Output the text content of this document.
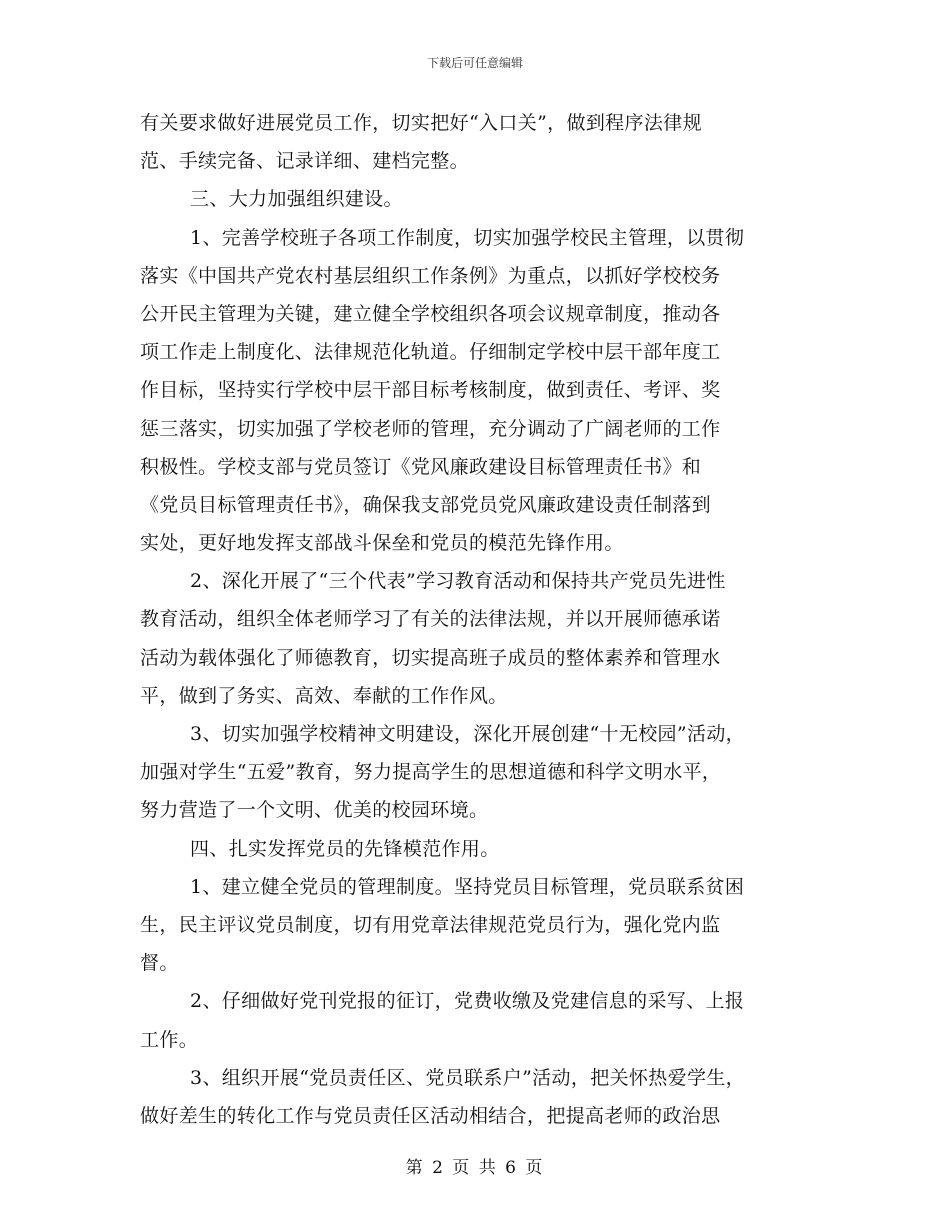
下载后可任意编辑
有关要求做好进展党员工作，切实把好“入口关”，做到程序法律规
范、手续完备、记录详细、建档完整。
三、大力加强组织建设。
1、完善学校班子各项工作制度，切实加强学校民主管理，以贯彻
落实《中国共产党农村基层组织工作条例》为重点，以抓好学校校务
公开民主管理为关键，建立健全学校组织各项会议规章制度，推动各
项工作走上制度化、法律规范化轨道。仔细制定学校中层干部年度工
作目标，坚持实行学校中层干部目标考核制度，做到责任、考评、奖
惩三落实，切实加强了学校老师的管理，充分调动了广阔老师的工作
积极性。学校支部与党员签订《党风廉政建设目标管理责任书》和
《党员目标管理责任书》，确保我支部党员党风廉政建设责任制落到
实处，更好地发挥支部战斗保垒和党员的模范先锋作用。
2、深化开展了“三个代表”学习教育活动和保持共产党员先进性
教育活动，组织全体老师学习了有关的法律法规，并以开展师德承诺
活动为载体强化了师德教育，切实提高班子成员的整体素养和管理水
平，做到了务实、高效、奉献的工作作风。
3、切实加强学校精神文明建设，深化开展创建“十无校园”活动，
加强对学生“五爱”教育，努力提高学生的思想道德和科学文明水平，
努力营造了一个文明、优美的校园环境。
四、扎实发挥党员的先锋模范作用。
1、建立健全党员的管理制度。坚持党员目标管理，党员联系贫困
生，民主评议党员制度，切有用党章法律规范党员行为，强化党内监
督。
2、仔细做好党刊党报的征订，党费收缴及党建信息的采写、上报
工作。
3、组织开展“党员责任区、党员联系户”活动，把关怀热爱学生，
做好差生的转化工作与党员责任区活动相结合，把提高老师的政治思
第 2 页 共 6 页
